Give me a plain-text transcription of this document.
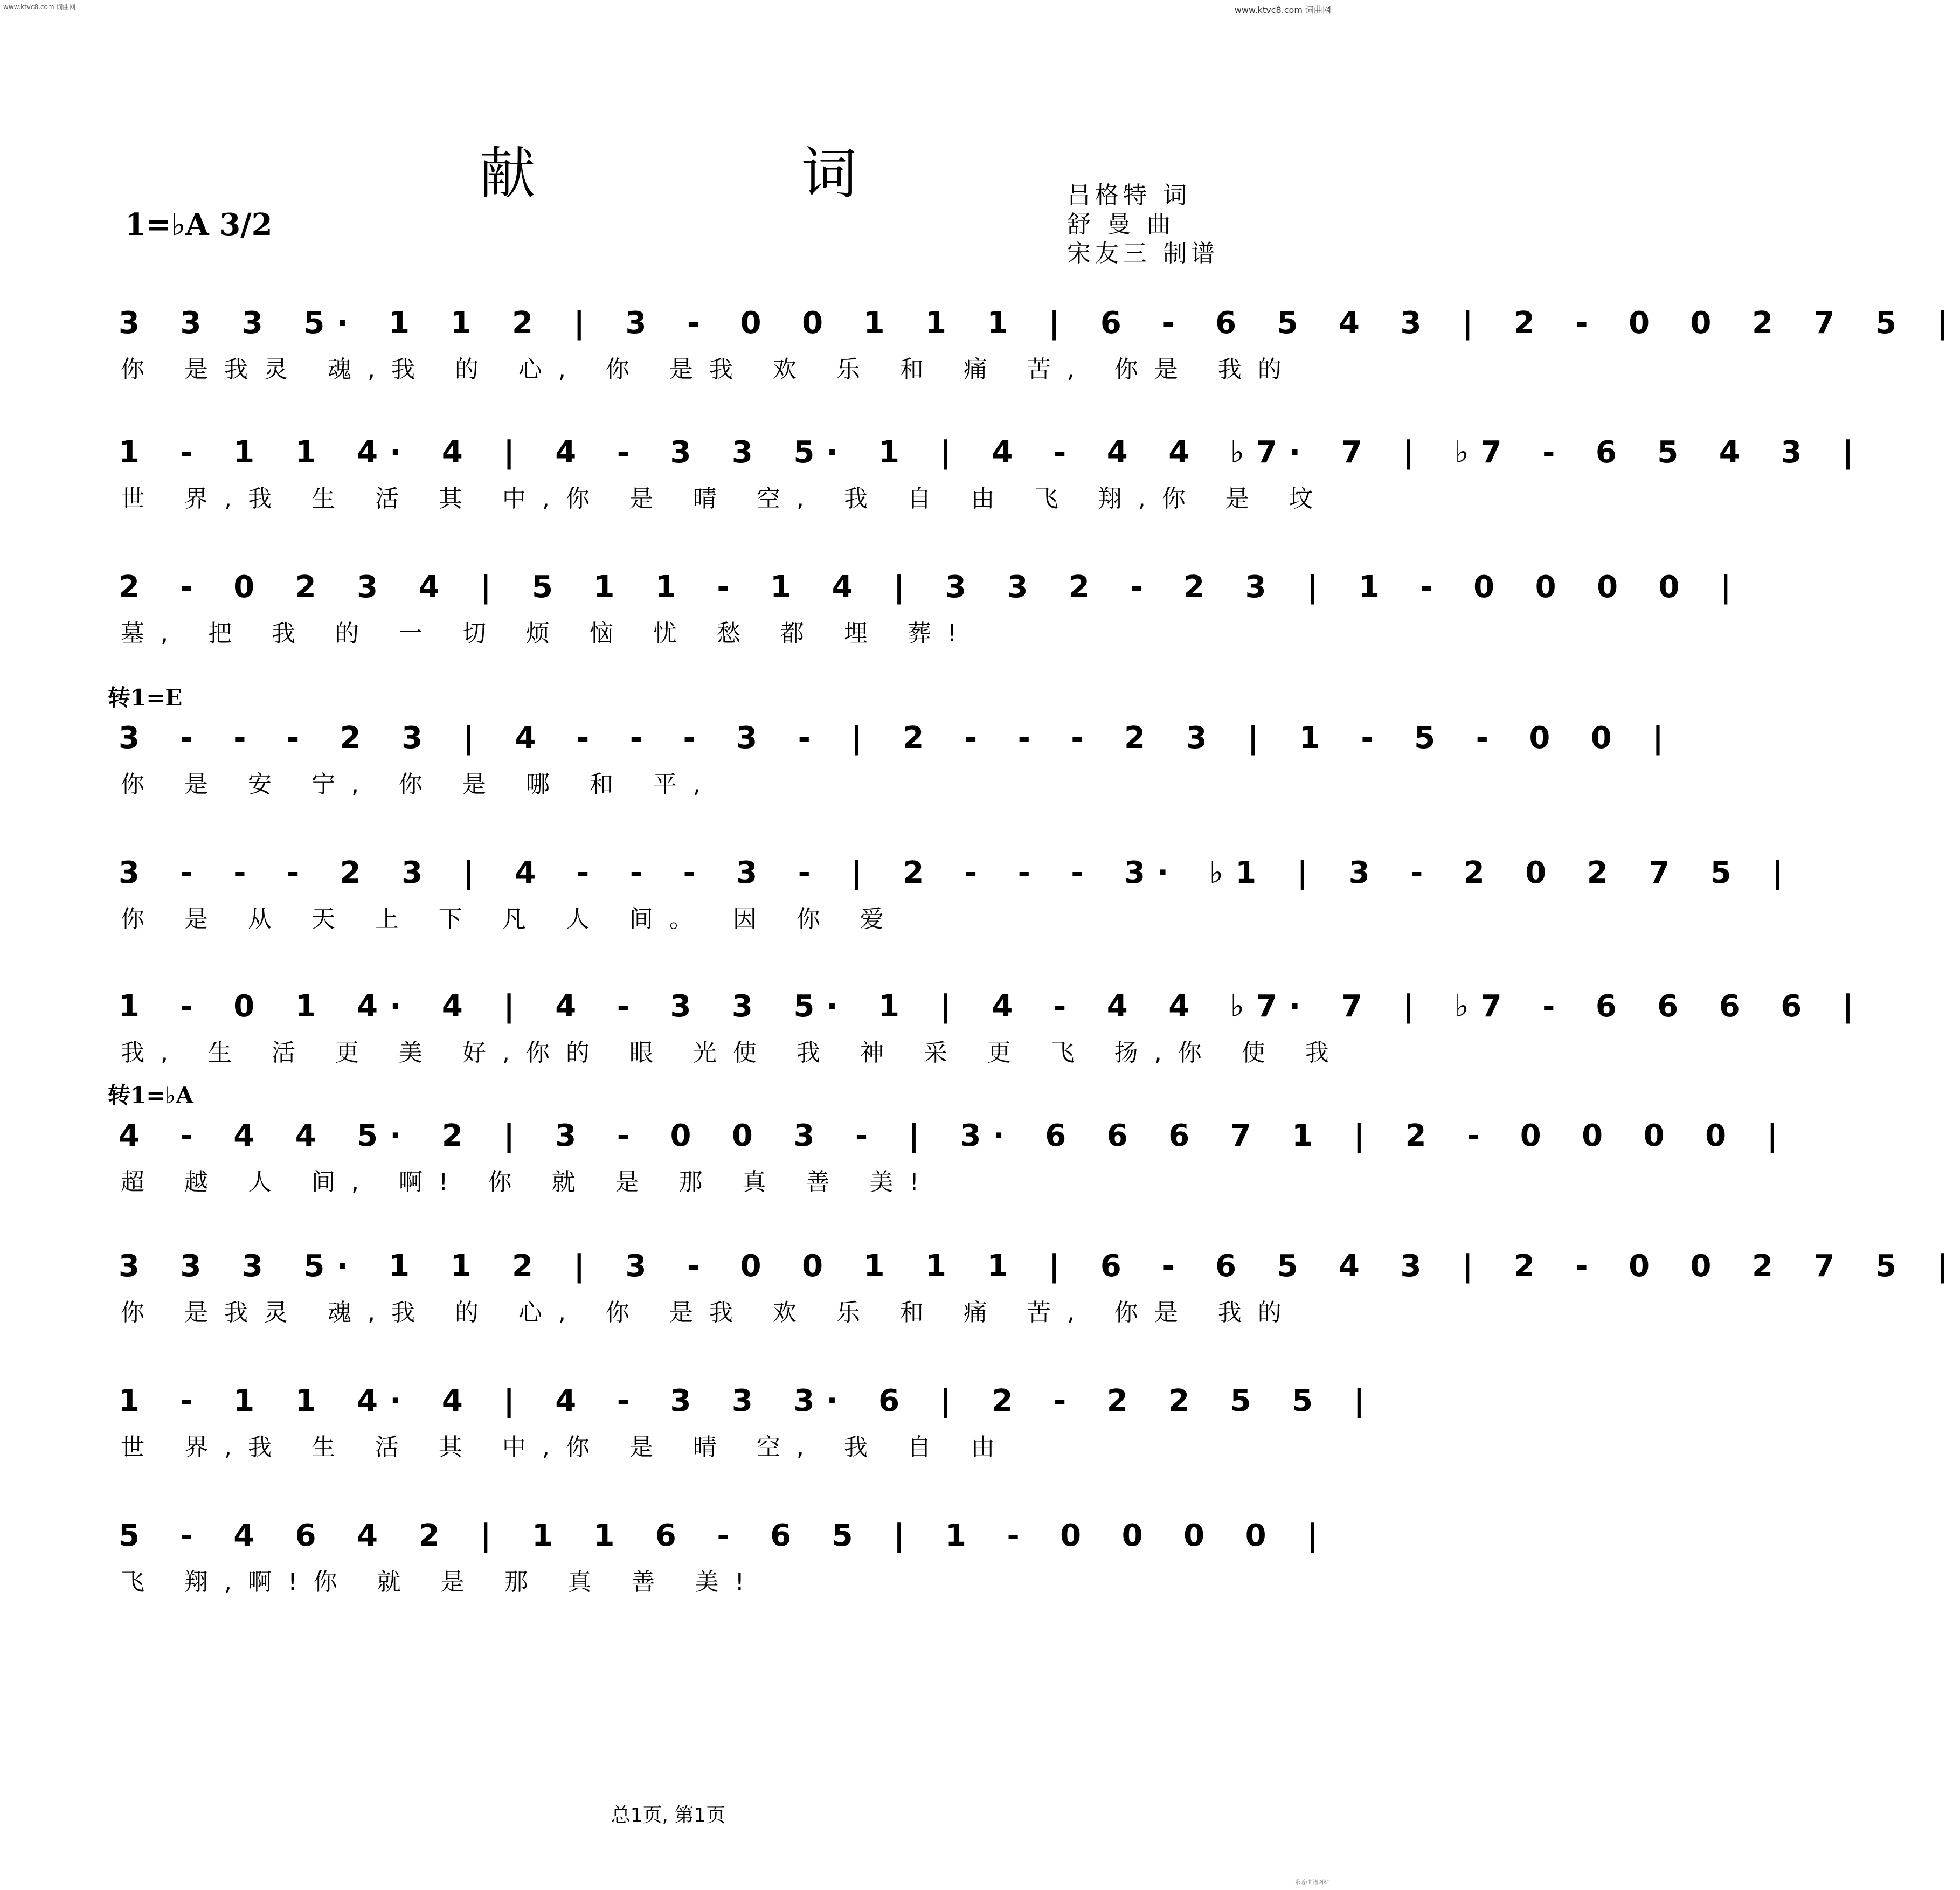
www.ktvc8.com 词曲网	www.ktvc8.com 词曲网
献 词
1=♭A 3/2
吕格特 词
舒 曼 曲
宋友三 制谱
3 3 3 5· 1 1 2 | 3 - 0 0 1 1 1 | 6 - 6 5 4 3 | 2 - 0 0 2 7 5 |
你 是我灵 魂,我 的 心, 你 是我 欢 乐 和 痛 苦, 你是 我的
1 - 1 1 4· 4 | 4 - 3 3 5· 1 | 4 - 4 4 ♭7· 7 | ♭7 - 6 5 4 3 |
世 界,我 生 活 其 中,你 是 晴 空, 我 自 由 飞 翔,你 是 坟
2 - 0 2 3 4 | 5 1 1 - 1 4 | 3 3 2 - 2 3 | 1 - 0 0 0 0 |
墓, 把 我 的 一 切 烦 恼 忧 愁 都 埋 葬!
转1=E
3 - - - 2 3 | 4 - - - 3 - | 2 - - - 2 3 | 1 - 5 - 0 0 |
你 是 安 宁, 你 是 哪 和 平,
3 - - - 2 3 | 4 - - - 3 - | 2 - - - 3· ♭1 | 3 - 2 0 2 7 5 |
你 是 从 天 上 下 凡 人 间。 因 你 爱
1 - 0 1 4· 4 | 4 - 3 3 5· 1 | 4 - 4 4 ♭7· 7 | ♭7 - 6 6 6 6 |
我, 生 活 更 美 好,你的 眼 光使 我 神 采 更 飞 扬,你 使 我
转1=♭A
4 - 4 4 5· 2 | 3 - 0 0 3 - | 3· 6 6 6 7 1 | 2 - 0 0 0 0 |
超 越 人 间, 啊! 你 就 是 那 真 善 美!
3 3 3 5· 1 1 2 | 3 - 0 0 1 1 1 | 6 - 6 5 4 3 | 2 - 0 0 2 7 5 |
你 是我灵 魂,我 的 心, 你 是我 欢 乐 和 痛 苦, 你是 我的
1 - 1 1 4· 4 | 4 - 3 3 3· 6 | 2 - 2 2 5 5 |
世 界,我 生 活 其 中,你 是 晴 空, 我 自 由
5 - 4 6 4 2 | 1 1 6 - 6 5 | 1 - 0 0 0 0 |
飞 翔,啊!你 就 是 那 真 善 美!
总1页, 第1页
乐谱/曲谱网站
